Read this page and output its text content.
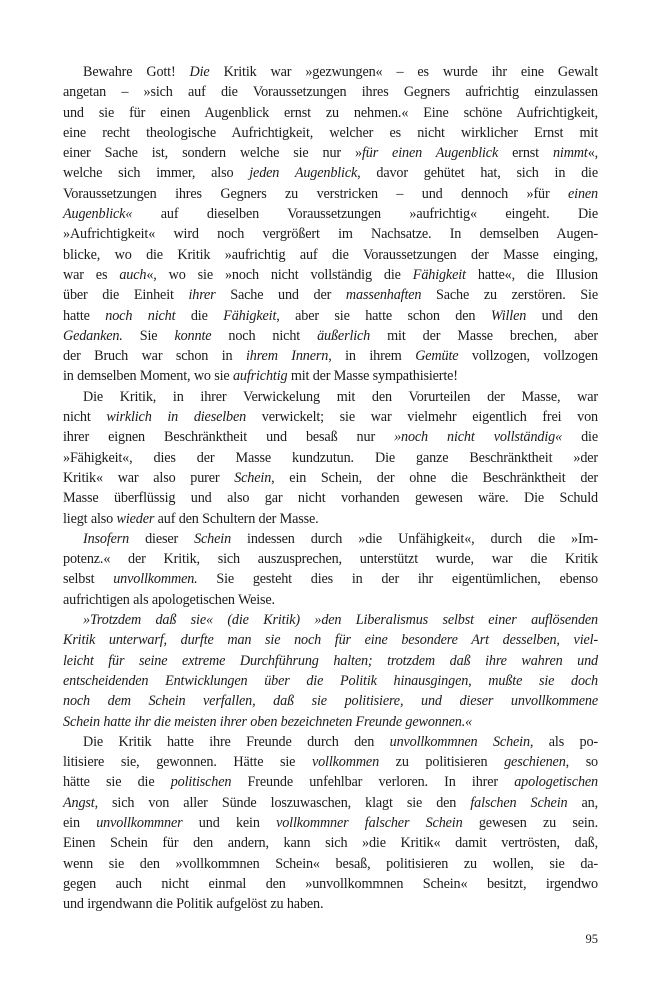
Bewahre Gott! Die Kritik war »gezwungen« – es wurde ihr eine Gewalt
angetan – »sich auf die Voraussetzungen ihres Gegners aufrichtig einzulassen
und sie für einen Augenblick ernst zu nehmen.« Eine schöne Aufrichtigkeit,
eine recht theologische Aufrichtigkeit, welcher es nicht wirklicher Ernst mit
einer Sache ist, sondern welche sie nur »für einen Augenblick ernst nimmt«,
welche sich immer, also jeden Augenblick, davor gehütet hat, sich in die
Voraussetzungen ihres Gegners zu verstricken – und dennoch »für einen
Augenblick« auf dieselben Voraussetzungen »aufrichtig« eingeht. Die
»Aufrichtigkeit« wird noch vergrößert im Nachsatze. In demselben Augen-
blicke, wo die Kritik »aufrichtig auf die Voraussetzungen der Masse einging,
war es auch«, wo sie »noch nicht vollständig die Fähigkeit hatte«, die Illusion
über die Einheit ihrer Sache und der massenhaften Sache zu zerstören. Sie
hatte noch nicht die Fähigkeit, aber sie hatte schon den Willen und den
Gedanken. Sie konnte noch nicht äußerlich mit der Masse brechen, aber
der Bruch war schon in ihrem Innern, in ihrem Gemüte vollzogen, vollzogen
in demselben Moment, wo sie aufrichtig mit der Masse sympathisierte!
Die Kritik, in ihrer Verwickelung mit den Vorurteilen der Masse, war
nicht wirklich in dieselben verwickelt; sie war vielmehr eigentlich frei von
ihrer eignen Beschränktheit und besaß nur »noch nicht vollständig« die
»Fähigkeit«, dies der Masse kundzutun. Die ganze Beschränktheit »der
Kritik« war also purer Schein, ein Schein, der ohne die Beschränktheit der
Masse überflüssig und also gar nicht vorhanden gewesen wäre. Die Schuld
liegt also wieder auf den Schultern der Masse.
Insofern dieser Schein indessen durch »die Unfähigkeit«, durch die »Im-
potenz.« der Kritik, sich auszusprechen, unterstützt wurde, war die Kritik
selbst unvollkommen. Sie gesteht dies in der ihr eigentümlichen, ebenso
aufrichtigen als apologetischen Weise.
»Trotzdem daß sie« (die Kritik) »den Liberalismus selbst einer auflösenden
Kritik unterwarf, durfte man sie noch für eine besondere Art desselben, viel-
leicht für seine extreme Durchführung halten; trotzdem daß ihre wahren und
entscheidenden Entwicklungen über die Politik hinausgingen, mußte sie doch
noch dem Schein verfallen, daß sie politisiere, und dieser unvollkommene
Schein hatte ihr die meisten ihrer oben bezeichneten Freunde gewonnen.«
Die Kritik hatte ihre Freunde durch den unvollkommnen Schein, als po-
litisiere sie, gewonnen. Hätte sie vollkommen zu politisieren geschienen, so
hätte sie die politischen Freunde unfehlbar verloren. In ihrer apologetischen
Angst, sich von aller Sünde loszuwaschen, klagt sie den falschen Schein an,
ein unvollkommner und kein vollkommner falscher Schein gewesen zu sein.
Einen Schein für den andern, kann sich »die Kritik« damit vertrösten, daß,
wenn sie den »vollkommnen Schein« besaß, politisieren zu wollen, sie da-
gegen auch nicht einmal den »unvollkommnen Schein« besitzt, irgendwo
und irgendwann die Politik aufgelöst zu haben.
95
